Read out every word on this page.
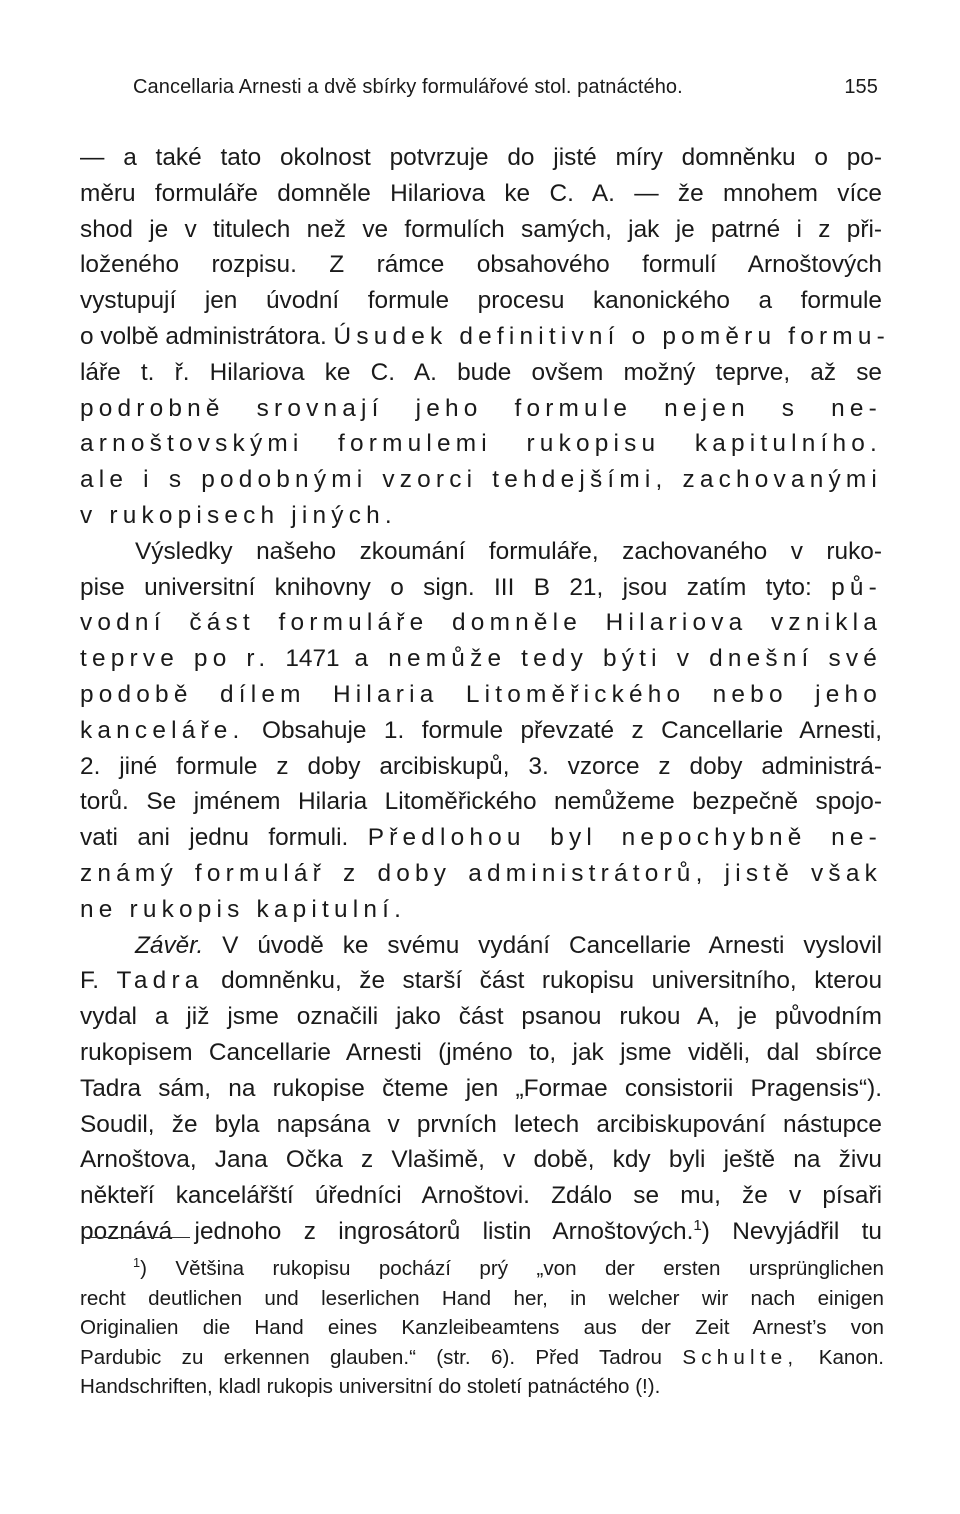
Cancellaria Arnesti a dvě sbírky formulářové stol. patnáctého.	155
— a také tato okolnost potvrzuje do jisté míry domněnku o po-
měru formuláře domněle Hilariova ke C. A. — že mnohem více
shod je v titulech než ve formulích samých, jak je patrné i z při-
loženého rozpisu. Z rámce obsahového formulí Arnoštových
vystupují jen úvodní formule procesu kanonického a formule
o volbě administrátora. Úsudek definitivní o poměru formu-
láře t. ř. Hilariova ke C. A. bude ovšem možný teprve, až se
podrobně srovnají jeho formule nejen s ne-
arnoštovskými formulemi rukopisu kapitulního.
ale i s podobnými vzorci tehdejšími, zachovanými
v rukopisech jiných.
Výsledky našeho zkoumání formuláře, zachovaného v ruko-
pise universitní knihovny o sign. III B 21, jsou zatím tyto: pů-
vodní část formuláře domněle Hilariova vznikla
teprve po r. 1471 a nemůže tedy býti v dnešní své
podobě dílem Hilaria Litoměřického nebo jeho
kanceláře. Obsahuje 1. formule převzaté z Cancellarie Arnesti,
2. jiné formule z doby arcibiskupů, 3. vzorce z doby administrá-
torů. Se jménem Hilaria Litoměřického nemůžeme bezpečně spojo-
vati ani jednu formuli. Předlohou byl nepochybně ne-
známý formulář z doby administrátorů, jistě však
ne rukopis kapitulní.
Závěr. V úvodě ke svému vydání Cancellarie Arnesti vyslovil
F. Tadra domněnku, že starší část rukopisu universitního, kterou
vydal a již jsme označili jako část psanou rukou A, je původním
rukopisem Cancellarie Arnesti (jméno to, jak jsme viděli, dal sbírce
Tadra sám, na rukopise čteme jen „Formae consistorii Pragensis“).
Soudil, že byla napsána v prvních letech arcibiskupování nástupce
Arnoštova, Jana Očka z Vlašimě, v době, kdy byli ještě na živu
někteří kancelářští úředníci Arnoštovi. Zdálo se mu, že v písaři
poznává jednoho z ingrosátorů listin Arnoštových.$^1$) Nevyjádřil tu
$^1$) Většina rukopisu pochází prý „von der ersten ursprünglichen
recht deutlichen und leserlichen Hand her, in welcher wir nach einigen
Originalien die Hand eines Kanzleibeamtens aus der Zeit Arnest’s von
Pardubic zu erkennen glauben.“ (str. 6). Před Tadrou Schulte, Kanon.
Handschriften, kladl rukopis universitní do století patnáctého (!).
